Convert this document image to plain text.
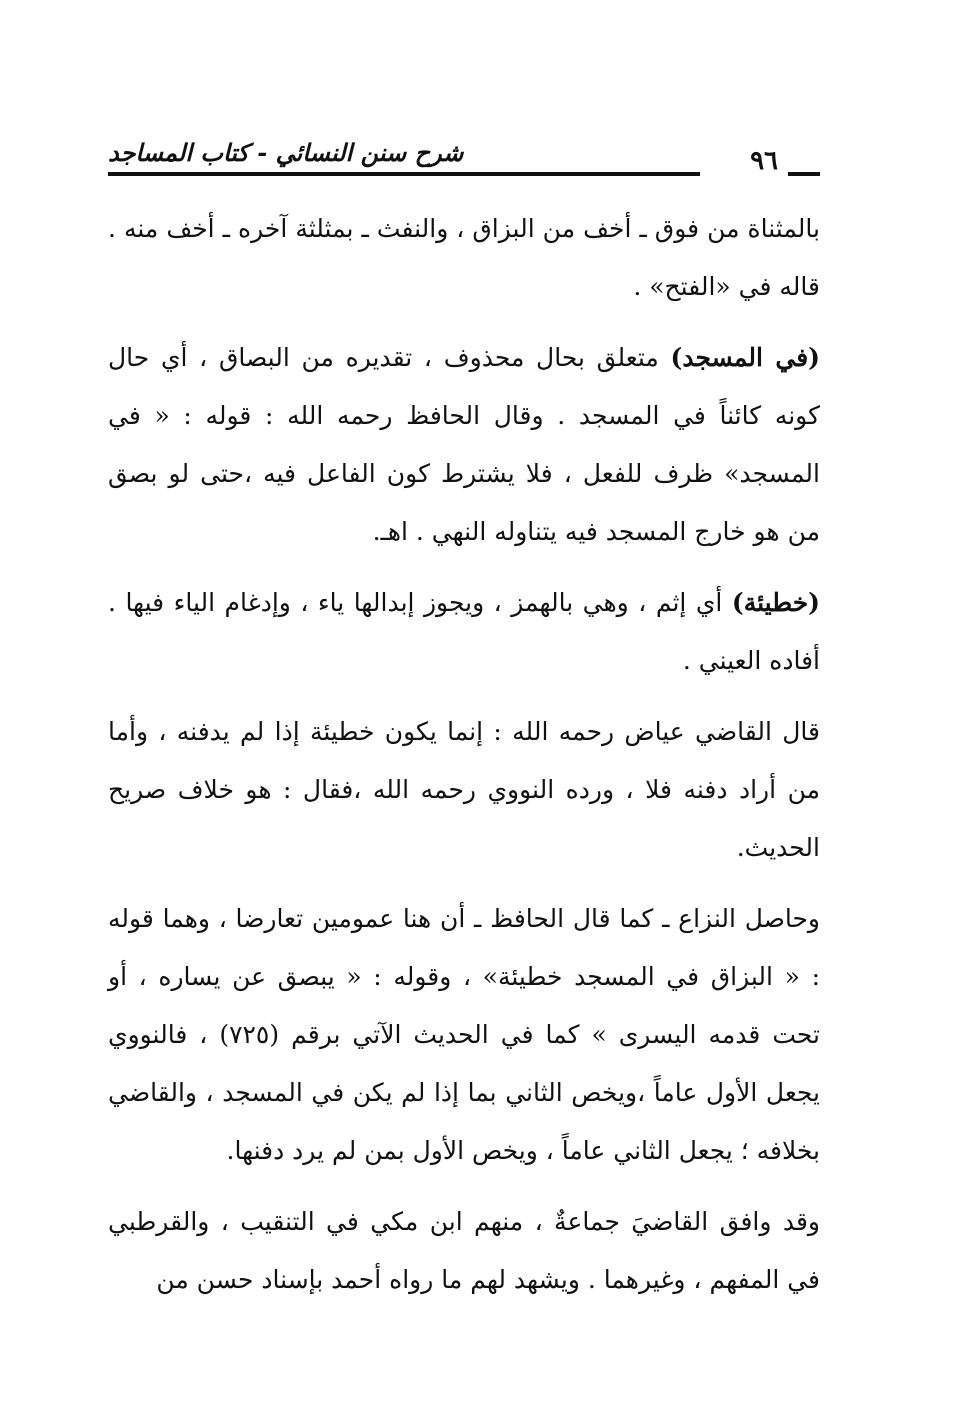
شرح سنن النسائي - كتاب المساجد	٩٦

بالمثناة من فوق ـ أخف من البزاق ، والنفث ـ بمثلثة آخره ـ أخف منه . قاله في «الفتح» .

(في المسجد) متعلق بحال محذوف ، تقديره من البصاق ، أي حال كونه كائناً في المسجد . وقال الحافظ رحمه الله : قوله : « في المسجد» ظرف للفعل ، فلا يشترط كون الفاعل فيه ،حتى لو بصق من هو خارج المسجد فيه يتناوله النهي . اهـ.

(خطيئة) أي إثم ، وهي بالهمز ، ويجوز إبدالها ياء ، وإدغام الياء فيها . أفاده العيني .

قال القاضي عياض رحمه الله : إنما يكون خطيئة إذا لم يدفنه ، وأما من أراد دفنه فلا ، ورده النووي رحمه الله ،فقال : هو خلاف صريح الحديث.

وحاصل النزاع ـ كما قال الحافظ ـ أن هنا عمومين تعارضا ، وهما قوله : « البزاق في المسجد خطيئة» ، وقوله : « يبصق عن يساره ، أو تحت قدمه اليسرى » كما في الحديث الآتي برقم (٧٢٥) ، فالنووي يجعل الأول عاماً ،ويخص الثاني بما إذا لم يكن في المسجد ، والقاضي بخلافه ؛ يجعل الثاني عاماً ، ويخص الأول بمن لم يرد دفنها.

وقد وافق القاضيَ جماعةٌ ، منهم ابن مكي في التنقيب ، والقرطبي في المفهم ، وغيرهما . ويشهد لهم ما رواه أحمد بإسناد حسن من
